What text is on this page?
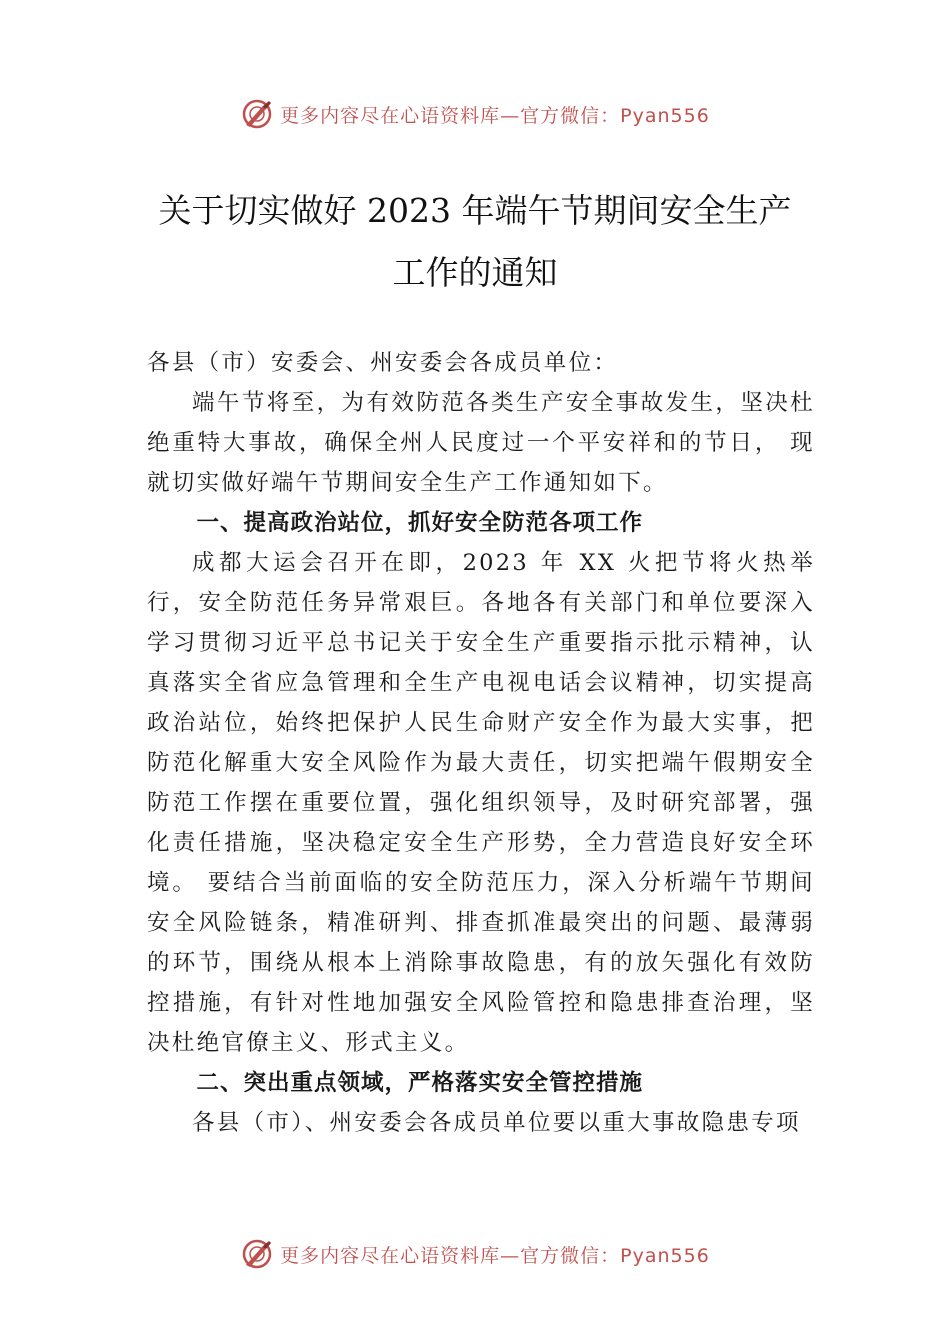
更多内容尽在心语资料库— 官方微信：Pyan556
关于切实做好 2023 年端午节期间安全生产
工作的通知

各县（市）安委会、州安委会各成员单位：

端午节将至，为有效防范各类生产安全事故发生，坚决杜绝重特大事故，确保全州人民度过一个平安祥和的节日， 现就切实做好端午节期间安全生产工作通知如下。

一、提高政治站位，抓好安全防范各项工作

成都大运会召开在即，2023 年 XX 火把节将火热举行，安全防范任务异常艰巨。各地各有关部门和单位要深入学习贯彻习近平总书记关于安全生产重要指示批示精神，认真落实全省应急管理和全生产电视电话会议精神，切实提高政治站位，始终把保护人民生命财产安全作为最大实事，把防范化解重大安全风险作为最大责任，切实把端午假期安全防范工作摆在重要位置，强化组织领导，及时研究部署，强化责任措施，坚决稳定安全生产形势，全力营造良好安全环境。 要结合当前面临的安全防范压力，深入分析端午节期间安全风险链条，精准研判、排查抓准最突出的问题、最薄弱的环节，围绕从根本上消除事故隐患，有的放矢强化有效防控措施，有针对性地加强安全风险管控和隐患排查治理，坚决杜绝官僚主义、形式主义。

二、突出重点领域，严格落实安全管控措施

各县（市）、州安委会各成员单位要以重大事故隐患专项

更多内容尽在心语资料库— 官方微信：Pyan556
